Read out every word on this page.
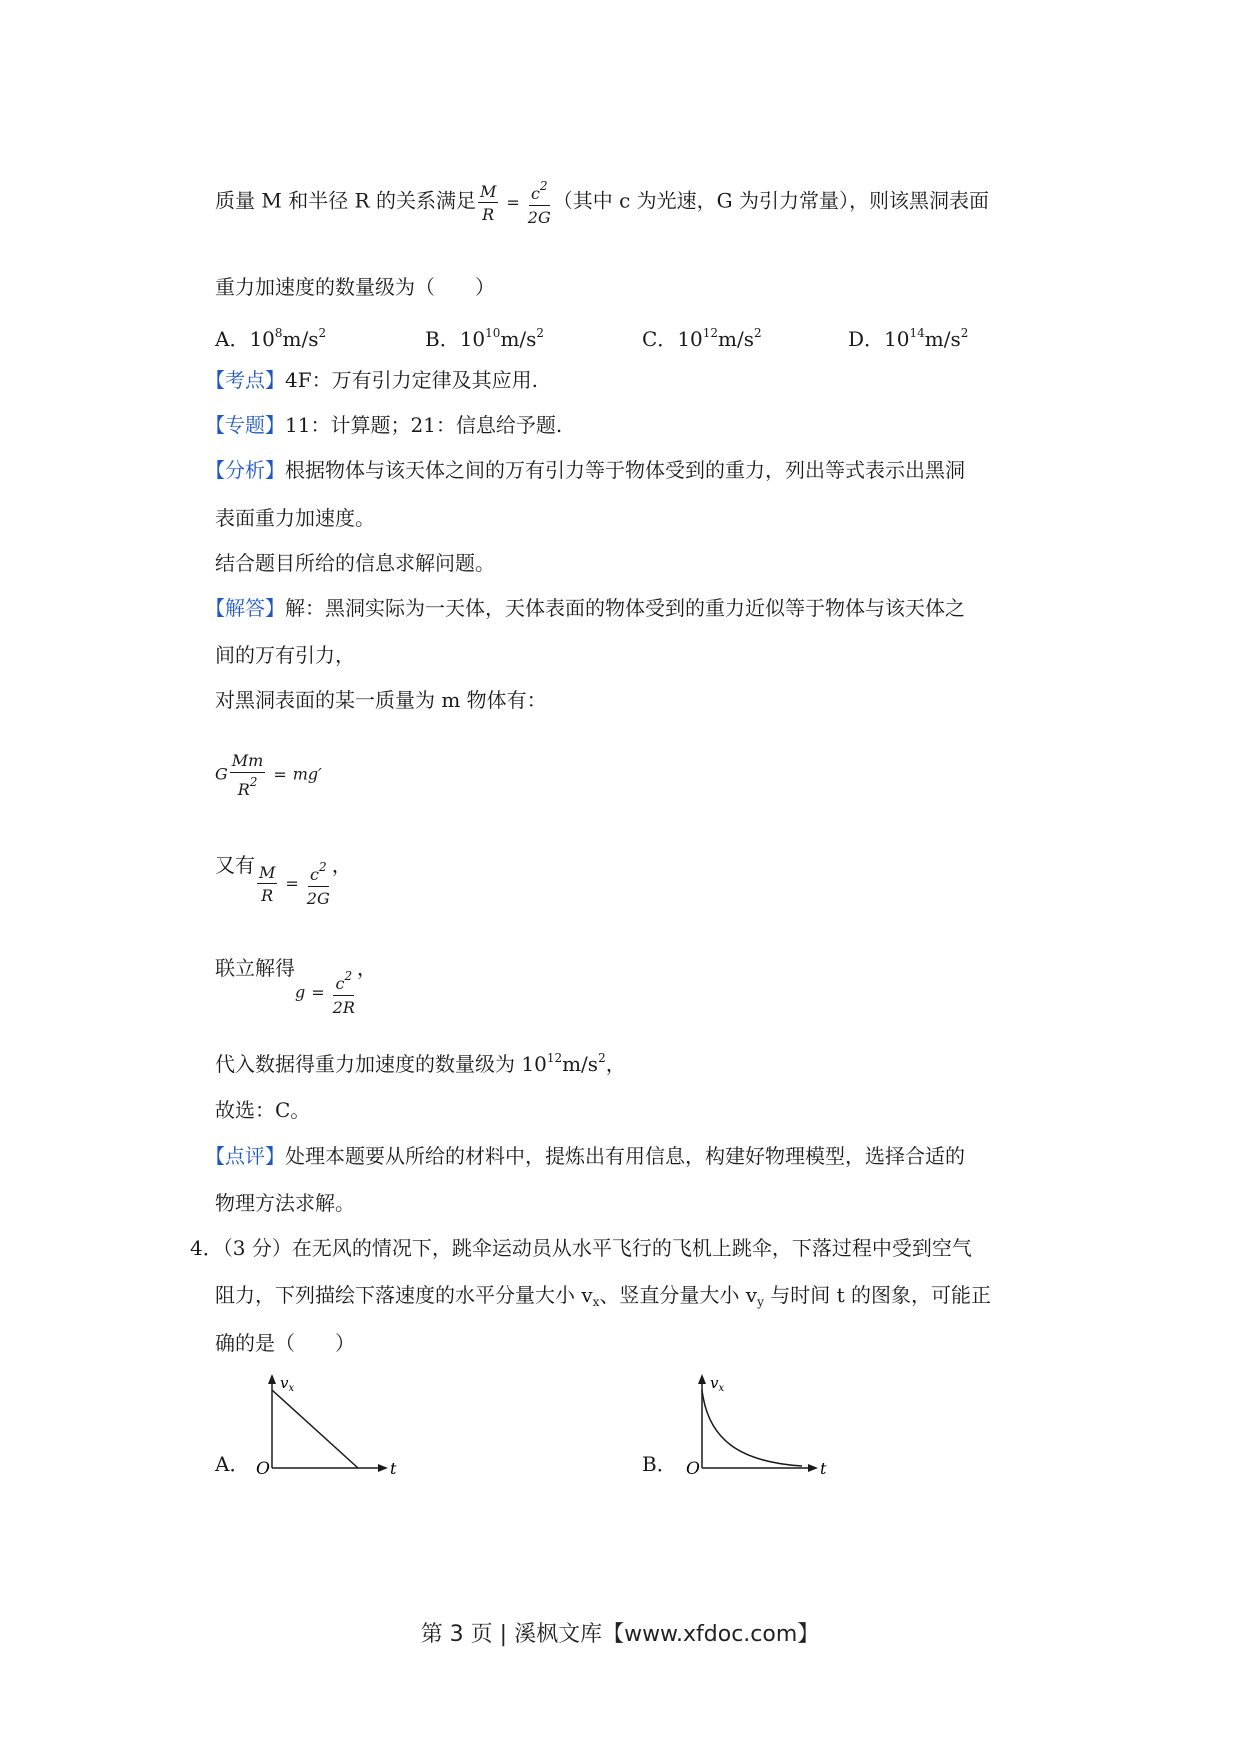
质量 M 和半径 R 的关系满足 $\frac{M}{R} = \frac{c^2}{2G}$ （其中 c 为光速，G 为引力常量），则该黑洞表面
重力加速度的数量级为（　　）
A．$10^8m/s^2$	B．$10^{10}m/s^2$	C．$10^{12}m/s^2$	D．$10^{14}m/s^2$
【考点】4F：万有引力定律及其应用.
【专题】11：计算题；21：信息给予题.
【分析】根据物体与该天体之间的万有引力等于物体受到的重力，列出等式表示出黑洞
表面重力加速度。
结合题目所给的信息求解问题。
【解答】解：黑洞实际为一天体，天体表面的物体受到的重力近似等于物体与该天体之
间的万有引力，
对黑洞表面的某一质量为 m 物体有：
G $\frac{Mm}{R^2} = mg'$
又有 $\frac{M}{R} = \frac{c^2}{2G}$ ，
联立解得$g = \frac{c^2}{2R}$
，
代入数据得重力加速度的数量级为 $10^{12}m/s^2$，
故选：C。
【点评】处理本题要从所给的材料中，提炼出有用信息，构建好物理模型，选择合适的
物理方法求解。
4．（3 分）在无风的情况下，跳伞运动员从水平飞行的飞机上跳伞，下落过程中受到空气
阻力，下列描绘下落速度的水平分量大小 $v_x$、竖直分量大小 $v_y$ 与时间 t 的图象，可能正
确的是（　　）
A．
$v_x$
O	t	B．
$v_x$
O	t
第 3 页 | 溪枫文库【www.xfdoc.com】
